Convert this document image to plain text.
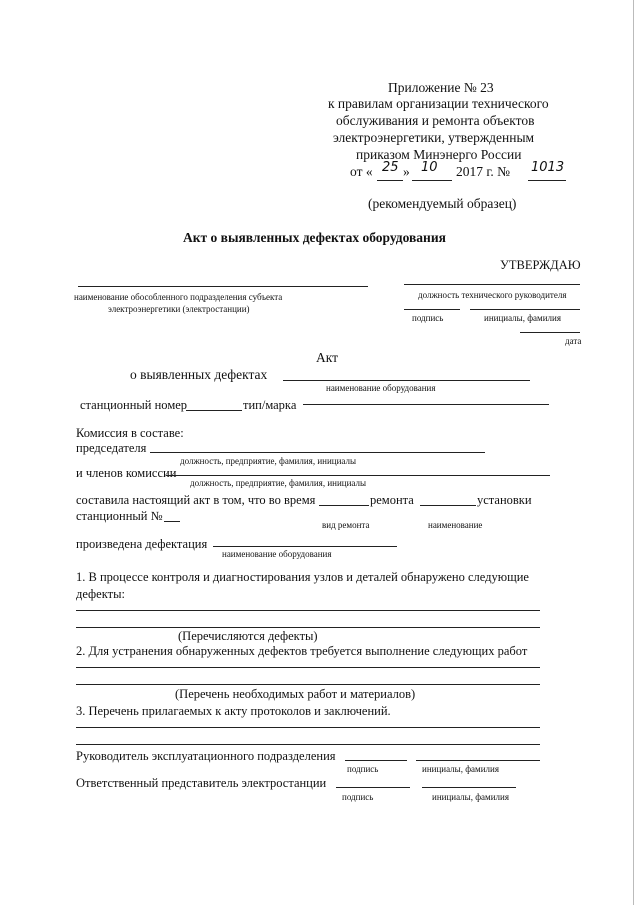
Приложение № 23
к правилам организации технического
обслуживания и ремонта объектов
электроэнергетики, утвержденным
приказом Минэнерго России
от « 25 » 10 2017 г. № 1013
(рекомендуемый образец)
Акт о выявленных дефектах оборудования
УТВЕРЖДАЮ
наименование обособленного подразделения субъекта
электроэнергетики (электростанции)
должность технического руководителя
подпись	инициалы, фамилия
дата
Акт
о выявленных дефектах
наименование оборудования
станционный номер	тип/марка
Комиссия в составе:
председателя
должность, предприятие, фамилия, инициалы
и членов комиссии
должность, предприятие, фамилия, инициалы
составила настоящий акт в том, что во время	ремонта	установки
станционный №
вид ремонта	наименование
произведена дефектация
наименование оборудования
1. В процессе контроля и диагностирования узлов и деталей обнаружено следующие
дефекты:
(Перечисляются дефекты)
2. Для устранения обнаруженных дефектов требуется выполнение следующих работ
(Перечень необходимых работ и материалов)
3. Перечень прилагаемых к акту протоколов и заключений.
Руководитель эксплуатационного подразделения
подпись	инициалы, фамилия
Ответственный представитель электростанции
подпись	инициалы, фамилия
